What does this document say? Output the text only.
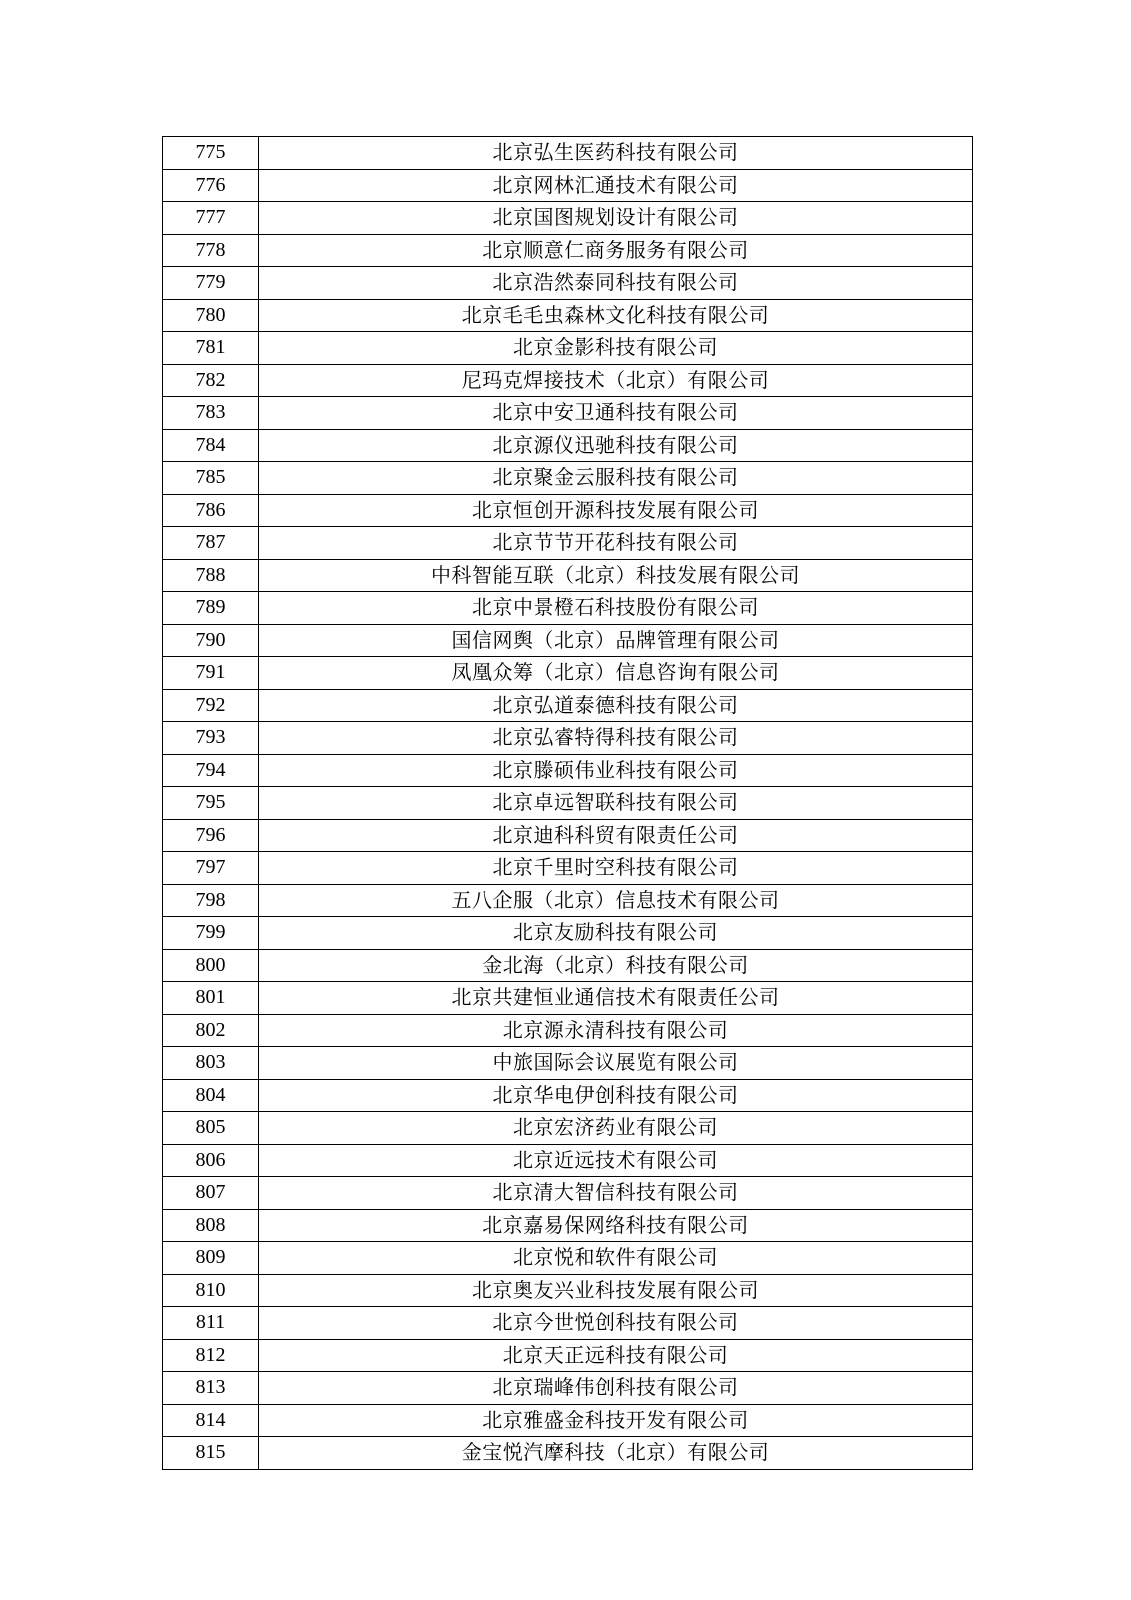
775	北京弘生医药科技有限公司
776	北京网林汇通技术有限公司
777	北京国图规划设计有限公司
778	北京顺意仁商务服务有限公司
779	北京浩然泰同科技有限公司
780	北京毛毛虫森林文化科技有限公司
781	北京金影科技有限公司
782	尼玛克焊接技术（北京）有限公司
783	北京中安卫通科技有限公司
784	北京源仪迅驰科技有限公司
785	北京聚金云服科技有限公司
786	北京恒创开源科技发展有限公司
787	北京节节开花科技有限公司
788	中科智能互联（北京）科技发展有限公司
789	北京中景橙石科技股份有限公司
790	国信网舆（北京）品牌管理有限公司
791	凤凰众筹（北京）信息咨询有限公司
792	北京弘道泰德科技有限公司
793	北京弘睿特得科技有限公司
794	北京滕硕伟业科技有限公司
795	北京卓远智联科技有限公司
796	北京迪科科贸有限责任公司
797	北京千里时空科技有限公司
798	五八企服（北京）信息技术有限公司
799	北京友励科技有限公司
800	金北海（北京）科技有限公司
801	北京共建恒业通信技术有限责任公司
802	北京源永清科技有限公司
803	中旅国际会议展览有限公司
804	北京华电伊创科技有限公司
805	北京宏济药业有限公司
806	北京近远技术有限公司
807	北京清大智信科技有限公司
808	北京嘉易保网络科技有限公司
809	北京悦和软件有限公司
810	北京奥友兴业科技发展有限公司
811	北京今世悦创科技有限公司
812	北京天正远科技有限公司
813	北京瑞峰伟创科技有限公司
814	北京雅盛金科技开发有限公司
815	金宝悦汽摩科技（北京）有限公司
